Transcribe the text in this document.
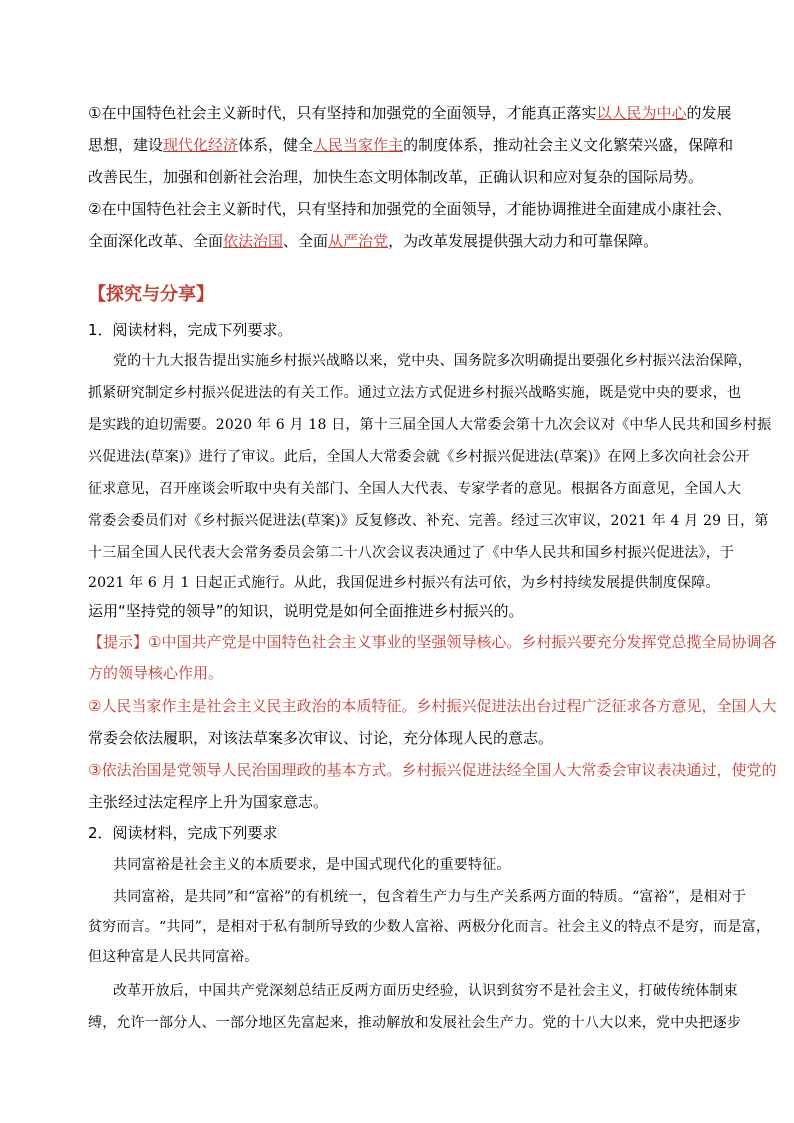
①在中国特色社会主义新时代，只有坚持和加强党的全面领导，才能真正落实以人民为中心的发展
思想，建设现代化经济体系，健全人民当家作主的制度体系，推动社会主义文化繁荣兴盛，保障和
改善民生，加强和创新社会治理，加快生态文明体制改革，正确认识和应对复杂的国际局势。
②在中国特色社会主义新时代，只有坚持和加强党的全面领导，才能协调推进全面建成小康社会、
全面深化改革、全面依法治国、全面从严治党，为改革发展提供强大动力和可靠保障。
【探究与分享】
1．阅读材料，完成下列要求。
党的十九大报告提出实施乡村振兴战略以来，党中央、国务院多次明确提出要强化乡村振兴法治保障，
抓紧研究制定乡村振兴促进法的有关工作。通过立法方式促进乡村振兴战略实施，既是党中央的要求，也
是实践的迫切需要。2020 年 6 月 18 日，第十三届全国人大常委会第十九次会议对《中华人民共和国乡村振
兴促进法(草案)》进行了审议。此后，全国人大常委会就《乡村振兴促进法(草案)》在网上多次向社会公开
征求意见，召开座谈会听取中央有关部门、全国人大代表、专家学者的意见。根据各方面意见，全国人大
常委会委员们对《乡村振兴促进法(草案)》反复修改、补充、完善。经过三次审议，2021 年 4 月 29 日，第
十三届全国人民代表大会常务委员会第二十八次会议表决通过了《中华人民共和国乡村振兴促进法》，于
2021 年 6 月 1 日起正式施行。从此，我国促进乡村振兴有法可依，为乡村持续发展提供制度保障。
运用“坚持党的领导”的知识，说明党是如何全面推进乡村振兴的。
【提示】①中国共产党是中国特色社会主义事业的坚强领导核心。乡村振兴要充分发挥党总揽全局协调各
方的领导核心作用。
②人民当家作主是社会主义民主政治的本质特征。乡村振兴促进法出台过程广泛征求各方意见，全国人大
常委会依法履职，对该法草案多次审议、讨论，充分体现人民的意志。
③依法治国是党领导人民治国理政的基本方式。乡村振兴促进法经全国人大常委会审议表决通过，使党的
主张经过法定程序上升为国家意志。
2．阅读材料，完成下列要求
共同富裕是社会主义的本质要求，是中国式现代化的重要特征。
共同富裕，是共同”和“富裕”的有机统一，包含着生产力与生产关系两方面的特质。“富裕”，是相对于
贫穷而言。“共同”，是相对于私有制所导致的少数人富裕、两极分化而言。社会主义的特点不是穷，而是富，
但这种富是人民共同富裕。
改革开放后，中国共产党深刻总结正反两方面历史经验，认识到贫穷不是社会主义，打破传统体制束
缚，允许一部分人、一部分地区先富起来，推动解放和发展社会生产力。党的十八大以来，党中央把逐步
